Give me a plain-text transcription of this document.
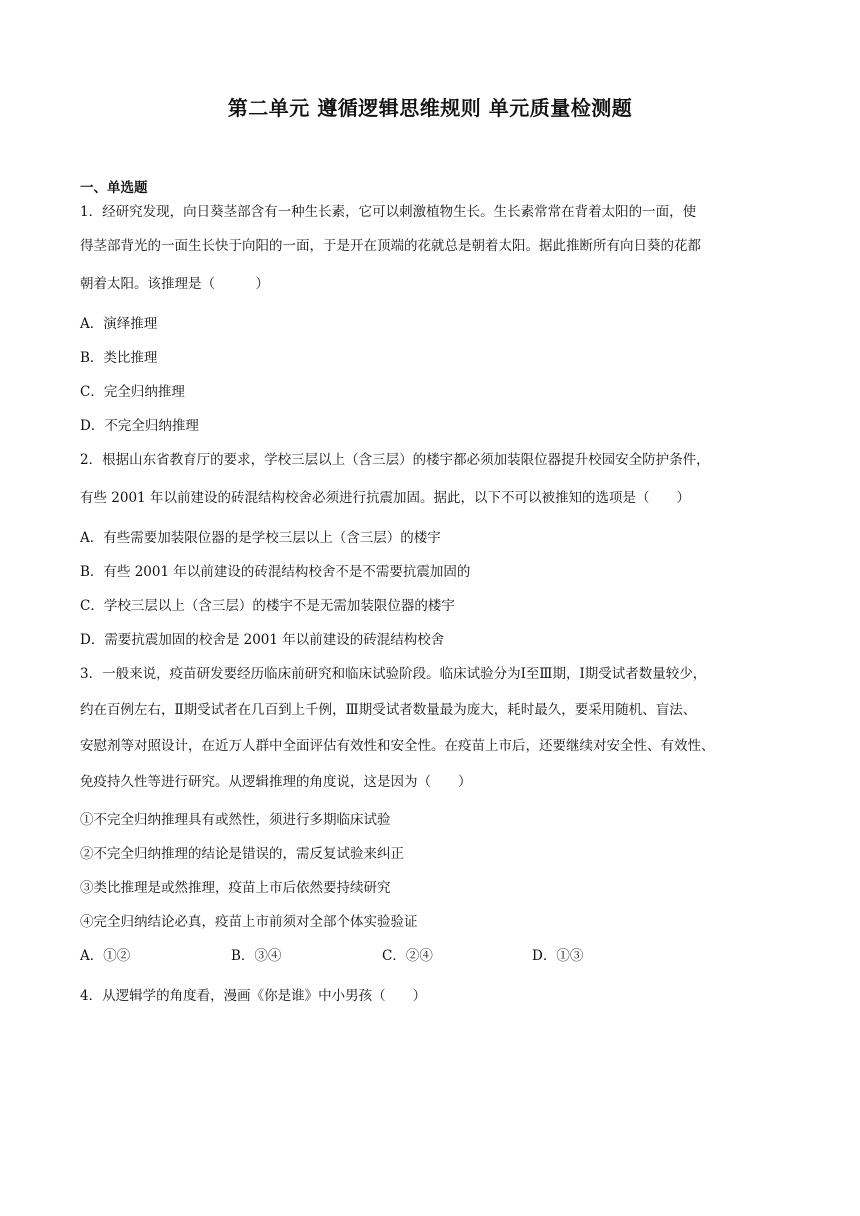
第二单元 遵循逻辑思维规则 单元质量检测题
一、单选题
1．经研究发现，向日葵茎部含有一种生长素，它可以刺激植物生长。生长素常常在背着太阳的一面，使
得茎部背光的一面生长快于向阳的一面，于是开在顶端的花就总是朝着太阳。据此推断所有向日葵的花都
朝着太阳。该推理是（　　　）
A．演绎推理
B．类比推理
C．完全归纳推理
D．不完全归纳推理
2．根据山东省教育厅的要求，学校三层以上（含三层）的楼宇都必须加装限位器提升校园安全防护条件，
有些 2001 年以前建设的砖混结构校舍必须进行抗震加固。据此，以下不可以被推知的选项是（　　）
A．有些需要加装限位器的是学校三层以上（含三层）的楼宇
B．有些 2001 年以前建设的砖混结构校舍不是不需要抗震加固的
C．学校三层以上（含三层）的楼宇不是无需加装限位器的楼宇
D．需要抗震加固的校舍是 2001 年以前建设的砖混结构校舍
3．一般来说，疫苗研发要经历临床前研究和临床试验阶段。临床试验分为Ⅰ至Ⅲ期，Ⅰ期受试者数量较少，
约在百例左右，Ⅱ期受试者在几百到上千例，Ⅲ期受试者数量最为庞大，耗时最久，要采用随机、盲法、
安慰剂等对照设计，在近万人群中全面评估有效性和安全性。在疫苗上市后，还要继续对安全性、有效性、
免疫持久性等进行研究。从逻辑推理的角度说，这是因为（　　）
①不完全归纳推理具有或然性，须进行多期临床试验
②不完全归纳推理的结论是错误的，需反复试验来纠正
③类比推理是或然推理，疫苗上市后依然要持续研究
④完全归纳结论必真，疫苗上市前须对全部个体实验验证
A．①②	B．③④	C．②④	D．①③
4．从逻辑学的角度看，漫画《你是谁》中小男孩（　　）
